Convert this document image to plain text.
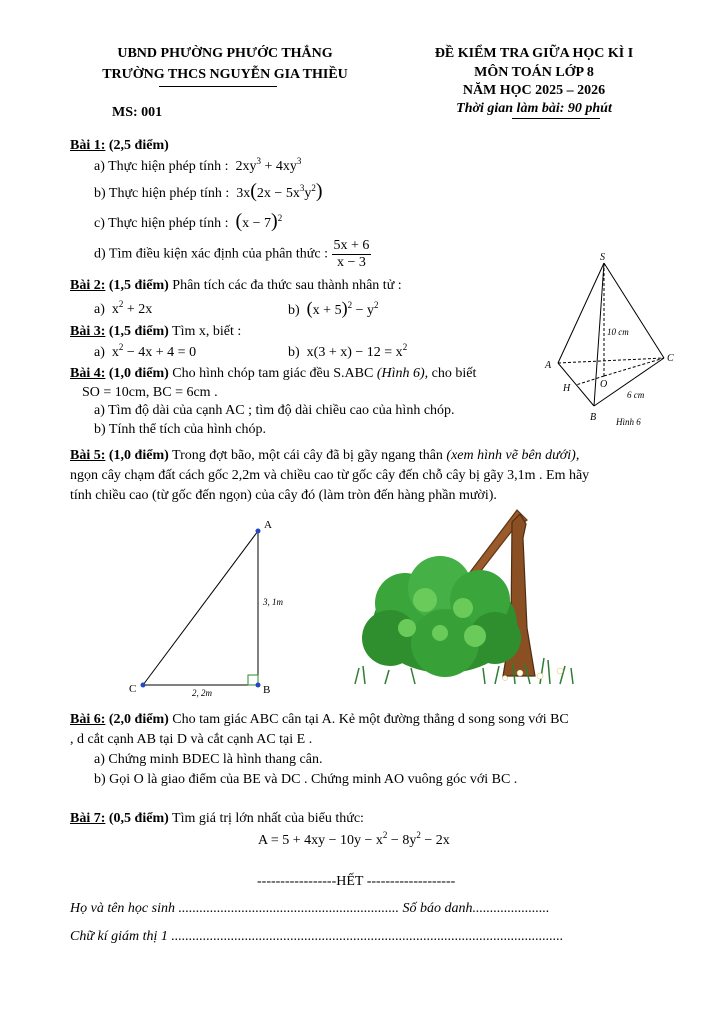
UBND PHƯỜNG PHƯỚC THẮNG
TRƯỜNG THCS NGUYỄN GIA THIỀU
MS: 001
ĐỀ KIỂM TRA GIỮA HỌC KÌ I
MÔN TOÁN LỚP 8
NĂM HỌC 2025 – 2026
Thời gian làm bài: 90 phút
Bài 1: (2,5 điểm)
a) Thực hiện phép tính :  $2xy^3 + 4xy^3$
b) Thực hiện phép tính :  $3x(2x - 5x^3y^2)$
c) Thực hiện phép tính : $(x - 7)^2$
d) Tìm điều kiện xác định của phân thức : $\frac{5x + 6}{x - 3}$
Bài 2: (1,5 điểm) Phân tích các đa thức sau thành nhân tử :
a)  $x^2 + 2x$	b) $(x + 5)^2 - y^2$
Bài 3: (1,5 điểm) Tìm x, biết :
a)  $x^2 - 4x + 4 = 0$	b)  $x(3 + x) - 12 = x^2$
Bài 4: (1,0 điểm) Cho hình chóp tam giác đều S.ABC (Hình 6), cho biết
SO = 10cm, BC = 6cm .
a) Tìm độ dài của cạnh AC ; tìm độ dài chiều cao của hình chóp.
b) Tính thể tích của hình chóp.
S
A
B
C
O
H
10 cm
6 cm
Hình 6
Bài 5: (1,0 điểm) Trong đợt bão, một cái cây đã bị gãy ngang thân (xem hình vẽ bên dưới),
ngọn cây chạm đất cách gốc 2,2m và chiều cao từ gốc cây đến chỗ cây bị gãy 3,1m . Em hãy
tính chiều cao (từ gốc đến ngọn) của cây đó (làm tròn đến hàng phần mười).
A
B
C
3, 1m
2, 2m
Bài 6: (2,0 điểm) Cho tam giác ABC cân tại A. Kẻ một đường thẳng d song song với BC
, d cắt cạnh AB tại D và cắt cạnh AC tại E .
a) Chứng minh BDEC là hình thang cân.
b) Gọi O là giao điểm của BE và DC . Chứng minh AO vuông góc với BC .
Bài 7: (0,5 điểm) Tìm giá trị lớn nhất của biểu thức:
$A = 5 + 4xy - 10y - x^2 - 8y^2 - 2x$
-----------------HẾT -------------------
Họ và tên học sinh ............................................................... Số báo danh......................
Chữ kí giám thị 1 ................................................................................................................
